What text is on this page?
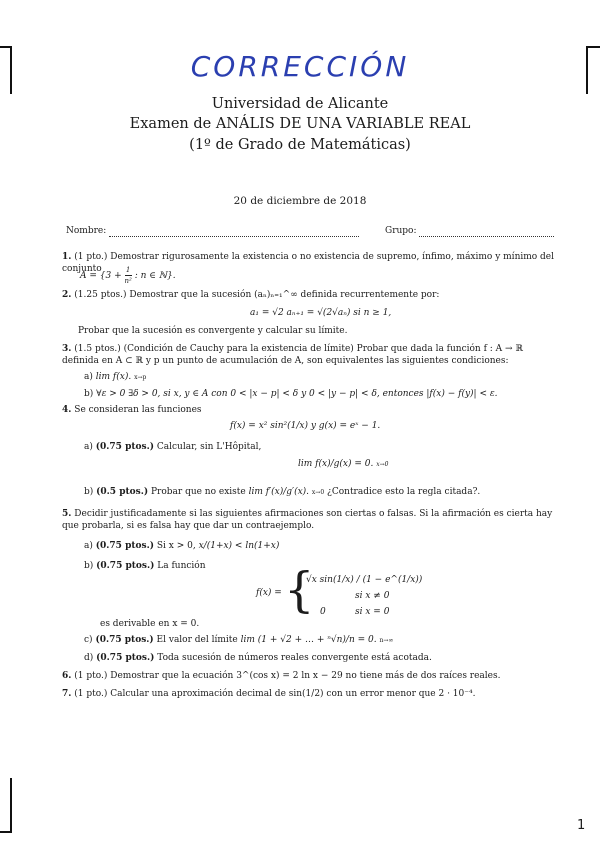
CORRECCIÓN
Universidad de Alicante
Examen de ANÁLIS DE UNA VARIABLE REAL
(1º de Grado de Matemáticas)
20 de diciembre de 2018
Nombre:	Grupo:
1. (1 pto.) Demostrar rigurosamente la existencia o no existencia de supremo, ínfimo, máximo y mínimo del conjunto
$A = \{3 + \frac{1}{\text{n²}}$ : n ∈ ℕ}.
2. (1.25 ptos.) Demostrar que la sucesión (aₙ)ₙ₌₁^∞ definida recurrentemente por:
a₁ = √2 aₙ₊₁ = √(2√aₙ) si n ≥ 1,
Probar que la sucesión es convergente y calcular su límite.
3. (1.5 ptos.) (Condición de Cauchy para la existencia de límite) Probar que dada la función f : A → ℝ definida en A ⊂ ℝ y p un punto de acumulación de A, son equivalentes las siguientes condiciones:
a) lim f(x). x→p
b) ∀ε > 0 ∃δ > 0, si x, y ∈ A con 0 < |x − p| < δ y 0 < |y − p| < δ, entonces |f(x) − f(y)| < ε.
4. Se consideran las funciones
f(x) = x² sin²(1/x) y g(x) = eˣ − 1.
a) (0.75 ptos.) Calcular, sin L'Hôpital,
lim f(x)/g(x) = 0. x→0
b) (0.5 ptos.) Probar que no existe lim f′(x)/g′(x). x→0 ¿Contradice esto la regla citada?.
5. Decidir justificadamente si las siguientes afirmaciones son ciertas o falsas. Si la afirmación es cierta hay que probarla, si es falsa hay que dar un contraejemplo.
a) (0.75 ptos.) Si x > 0, x/(1+x) < ln(1+x)
b) (0.75 ptos.) La función
f(x) = {
√x sin(1/x) / (1 − e^(1/x))
si x ≠ 0
0	si x = 0
es derivable en x = 0.
c) (0.75 ptos.) El valor del límite lim (1 + √2 + … + ⁿ√n)/n = 0. n→∞
d) (0.75 ptos.) Toda sucesión de números reales convergente está acotada.
6. (1 pto.) Demostrar que la ecuación 3^(cos x) = 2 ln x − 29 no tiene más de dos raíces reales.
7. (1 pto.) Calcular una aproximación decimal de sin(1/2) con un error menor que 2 · 10⁻⁴.
1
